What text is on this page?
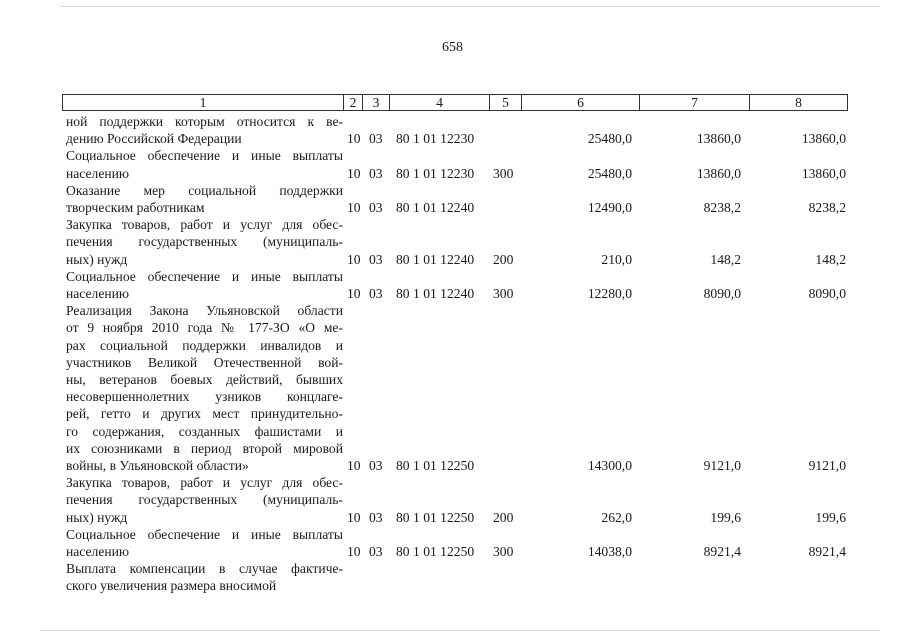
658
1	2	3	4	5	6	7	8
ной поддержки которым относится к ве-
дению Российской Федерации	10 03 80 1 01 12230	25480,0	13860,0	13860,0
Социальное обеспечение и иные выплаты
населению	10 03 80 1 01 12230 300	25480,0	13860,0	13860,0
Оказание мер социальной поддержки
творческим работникам	10 03 80 1 01 12240	12490,0	8238,2	8238,2
Закупка товаров, работ и услуг для обес-
печения государственных (муниципаль-
ных) нужд	10 03 80 1 01 12240 200	210,0	148,2	148,2
Социальное обеспечение и иные выплаты
населению	10 03 80 1 01 12240 300	12280,0	8090,0	8090,0
Реализация Закона Ульяновской области
от 9 ноября 2010 года № 177-ЗО «О ме-
рах социальной поддержки инвалидов и
участников Великой Отечественной вой-
ны, ветеранов боевых действий, бывших
несовершеннолетних узников концлаге-
рей, гетто и других мест принудительно-
го содержания, созданных фашистами и
их союзниками в период второй мировой
войны, в Ульяновской области»	10 03 80 1 01 12250	14300,0	9121,0	9121,0
Закупка товаров, работ и услуг для обес-
печения государственных (муниципаль-
ных) нужд	10 03 80 1 01 12250 200	262,0	199,6	199,6
Социальное обеспечение и иные выплаты
населению	10 03 80 1 01 12250 300	14038,0	8921,4	8921,4
Выплата компенсации в случае фактиче-
ского увеличения размера вносимой
